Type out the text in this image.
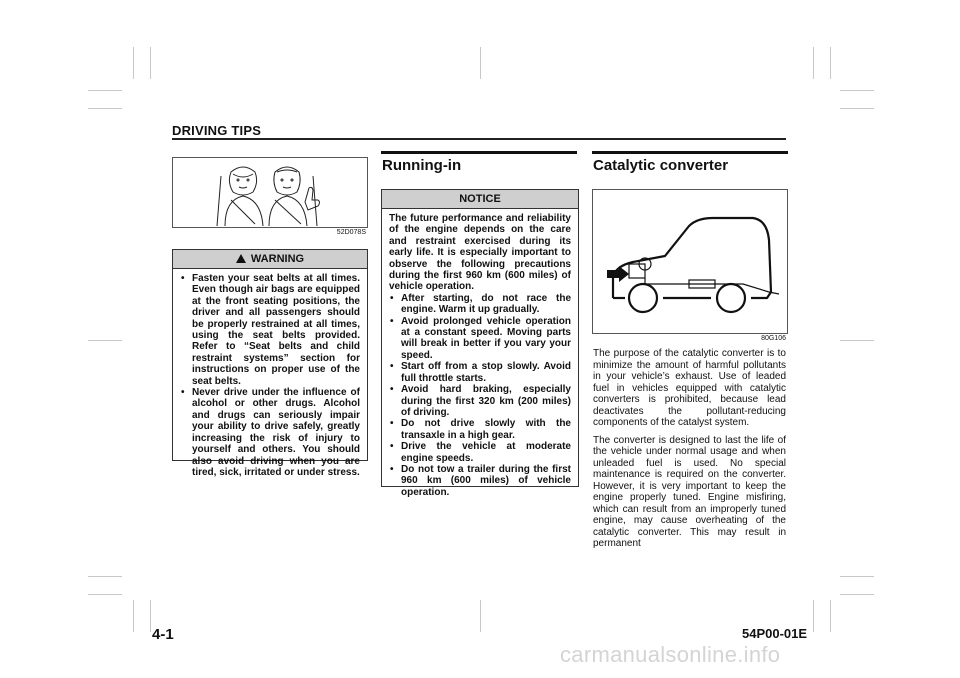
DRIVING TIPS
52D078S
WARNING
• Fasten your seat belts at all times. Even though air bags are equipped at the front seating positions, the driver and all passengers should be properly restrained at all times, using the seat belts provided. Refer to “Seat belts and child restraint systems” section for instructions on proper use of the seat belts.
• Never drive under the influence of alcohol or other drugs. Alcohol and drugs can seriously impair your ability to drive safely, greatly increasing the risk of injury to yourself and others. You should also avoid driving when you are tired, sick, irritated or under stress.
Running-in
NOTICE
The future performance and reliability of the engine depends on the care and restraint exercised during its early life. It is especially important to observe the following precautions during the first 960 km (600 miles) of vehicle operation.
• After starting, do not race the engine. Warm it up gradually.
• Avoid prolonged vehicle operation at a constant speed. Moving parts will break in better if you vary your speed.
• Start off from a stop slowly. Avoid full throttle starts.
• Avoid hard braking, especially during the first 320 km (200 miles) of driving.
• Do not drive slowly with the transaxle in a high gear.
• Drive the vehicle at moderate engine speeds.
• Do not tow a trailer during the first 960 km (600 miles) of vehicle operation.
Catalytic converter
80G106

The purpose of the catalytic converter is to minimize the amount of harmful pollutants in your vehicle’s exhaust. Use of leaded fuel in vehicles equipped with catalytic converters is prohibited, because lead deactivates the pollutant-reducing components of the catalyst system.

The converter is designed to last the life of the vehicle under normal usage and when unleaded fuel is used. No special maintenance is required on the converter. However, it is very important to keep the engine properly tuned. Engine misfiring, which can result from an improperly tuned engine, may cause overheating of the catalytic converter. This may result in permanent

4-1	54P00-01E
carmanualsonline.info
